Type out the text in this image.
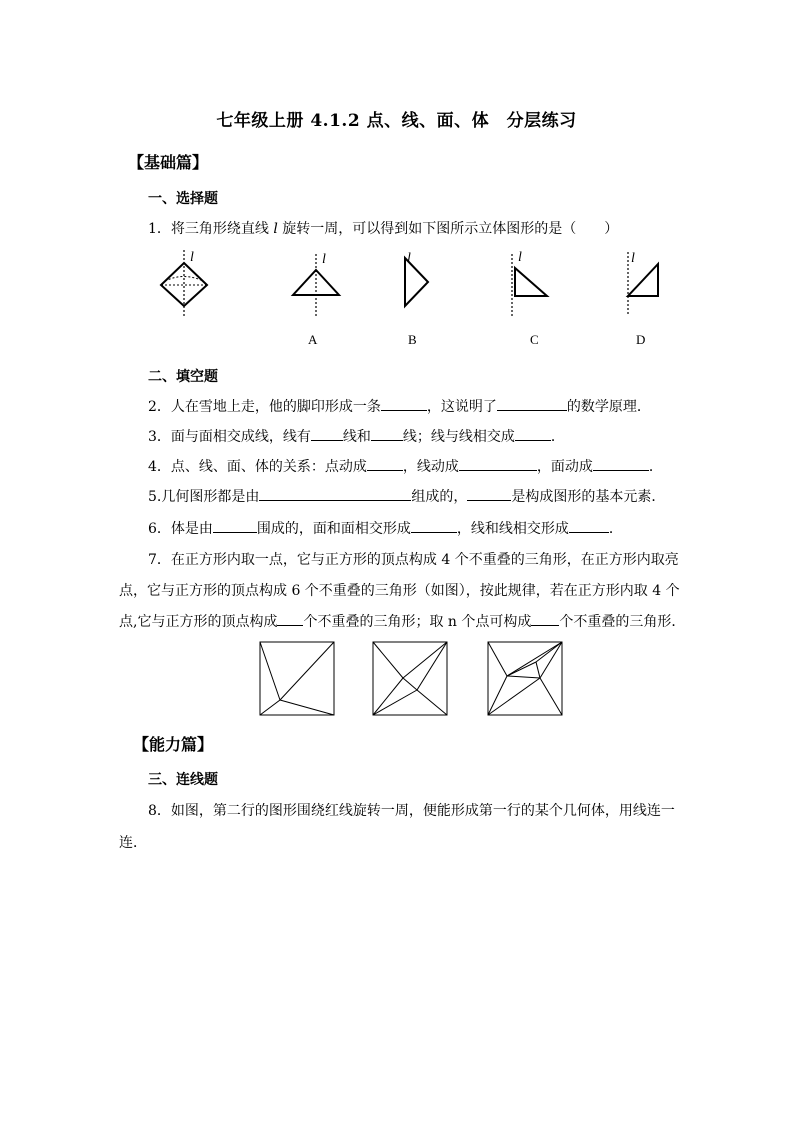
七年级上册 4.1.2 点、线、面、体　分层练习
【基础篇】
一、选择题
1．将三角形绕直线 l 旋转一周，可以得到如下图所示立体图形的是（　　）
l	l	l	l	l
A	B	C	D
二、填空题
2．人在雪地上走，他的脚印形成一条	，这说明了	的数学原理．
3．面与面相交成线，线有 线和 线；线与线相交成	．
4．点、线、面、体的关系：点动成	，线动成	，面动成	．
5.几何图形都是由	组成的，	是构成图形的基本元素．
6．体是由	围成的，面和面相交形成	，线和线相交形成	．
7．在正方形内取一点，它与正方形的顶点构成 4 个不重叠的三角形，在正方形内取亮
点，它与正方形的顶点构成 6 个不重叠的三角形（如图），按此规律，若在正方形内取 4 个
点,它与正方形的顶点构成 个不重叠的三角形；取 n 个点可构成 个不重叠的三角形．
【能力篇】
三、连线题
8．如图，第二行的图形围绕红线旋转一周，便能形成第一行的某个几何体，用线连一
连．
